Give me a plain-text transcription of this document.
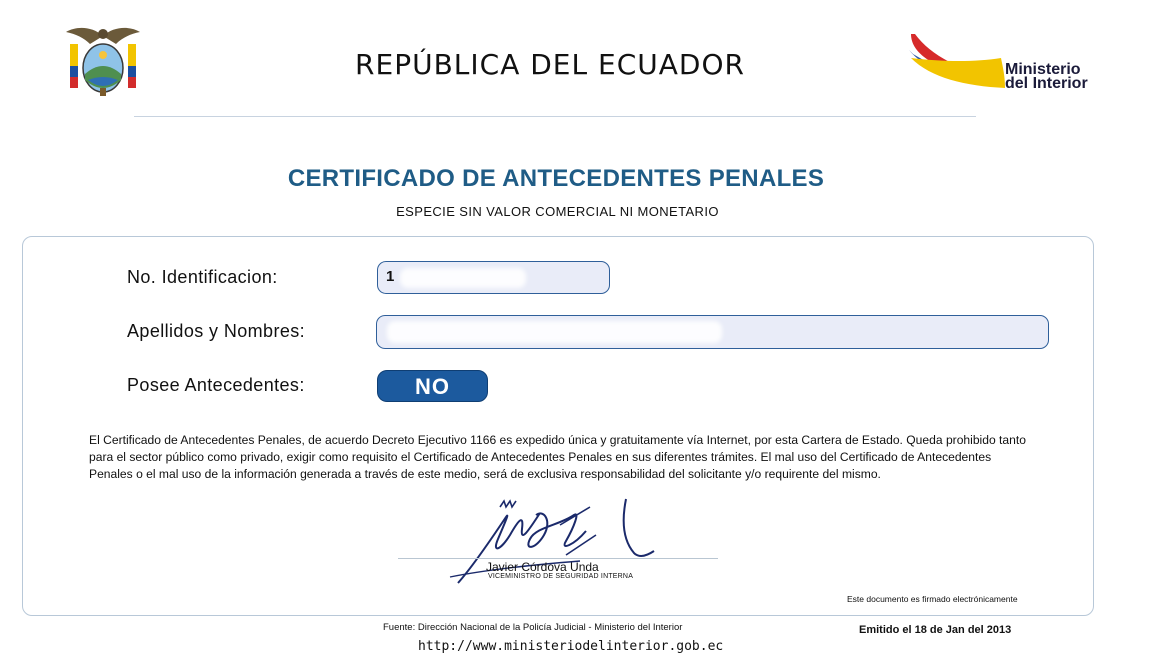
REPÚBLICA DEL ECUADOR	Ministerio
del Interior
CERTIFICADO DE ANTECEDENTES PENALES
ESPECIE SIN VALOR COMERCIAL NI MONETARIO
No. Identificacion:	1
Apellidos y Nombres:
Posee Antecedentes:	NO
El Certificado de Antecedentes Penales, de acuerdo Decreto Ejecutivo 1166 es expedido única y gratuitamente vía Internet, por esta Cartera de Estado. Queda prohibido tanto para el sector público como privado, exigir como requisito el Certificado de Antecedentes Penales en sus diferentes trámites. El mal uso del Certificado de Antecedentes Penales o el mal uso de la información generada a través de este medio, será de exclusiva responsabilidad del solicitante y/o requirente del mismo.
Javier Córdova Unda
VICEMINISTRO DE SEGURIDAD INTERNA
Este documento es firmado electrónicamente
Fuente: Dirección Nacional de la Policía Judicial - Ministerio del Interior	Emitido el 18 de Jan del 2013
http://www.ministeriodelinterior.gob.ec
